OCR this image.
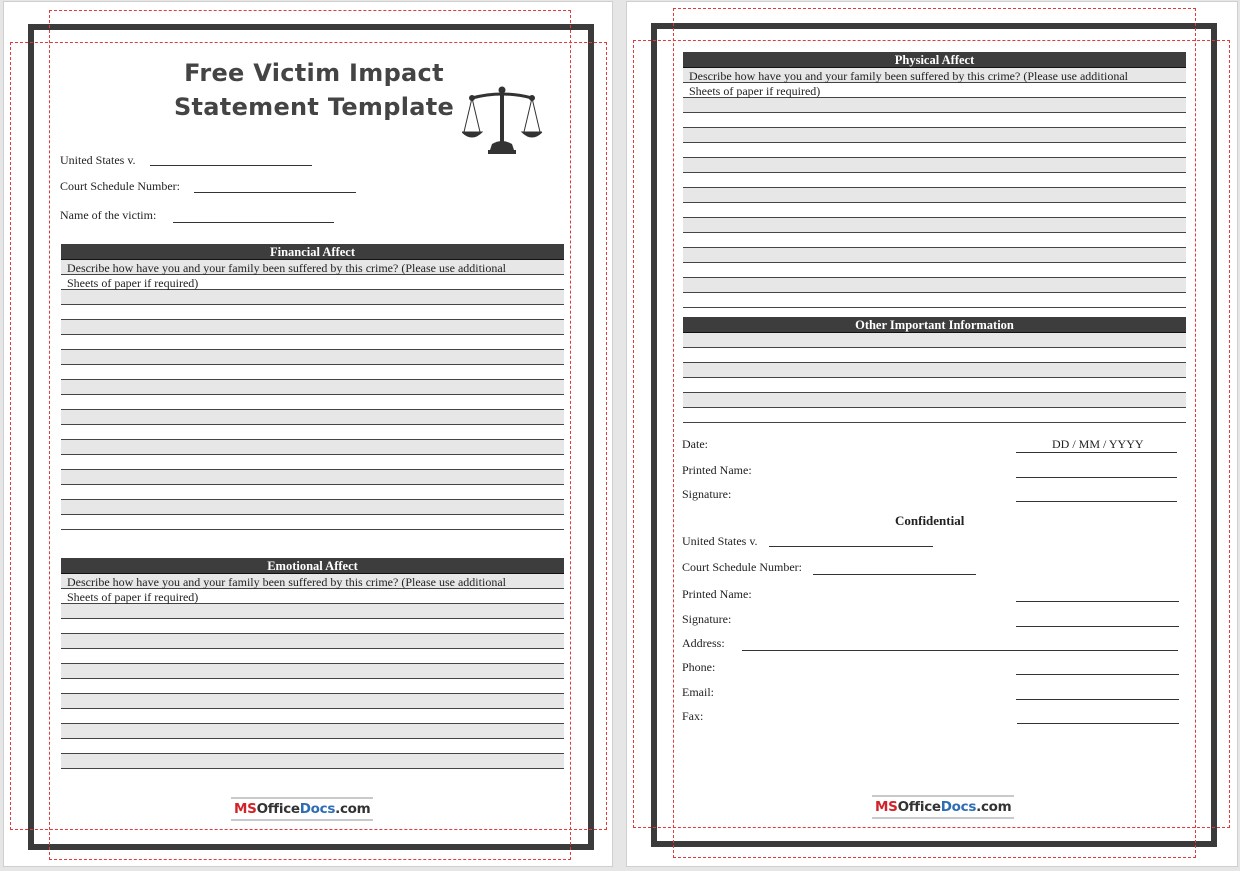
Free Victim Impact Statement Template
United States v.
Court Schedule Number:
Name of the victim:
Financial Affect
Describe how have you and your family been suffered by this crime? (Please use additional
Sheets of paper if required)
Emotional Affect
Describe how have you and your family been suffered by this crime? (Please use additional
Sheets of paper if required)
MSOfficeDocs.com
Physical Affect
Describe how have you and your family been suffered by this crime? (Please use additional
Sheets of paper if required)
Other Important Information
Date:	DD / MM / YYYY
Printed Name:
Signature:
Confidential
United States v.
Court Schedule Number:
Printed Name:
Signature:
Address:
Phone:
Email:
Fax:
MSOfficeDocs.com
